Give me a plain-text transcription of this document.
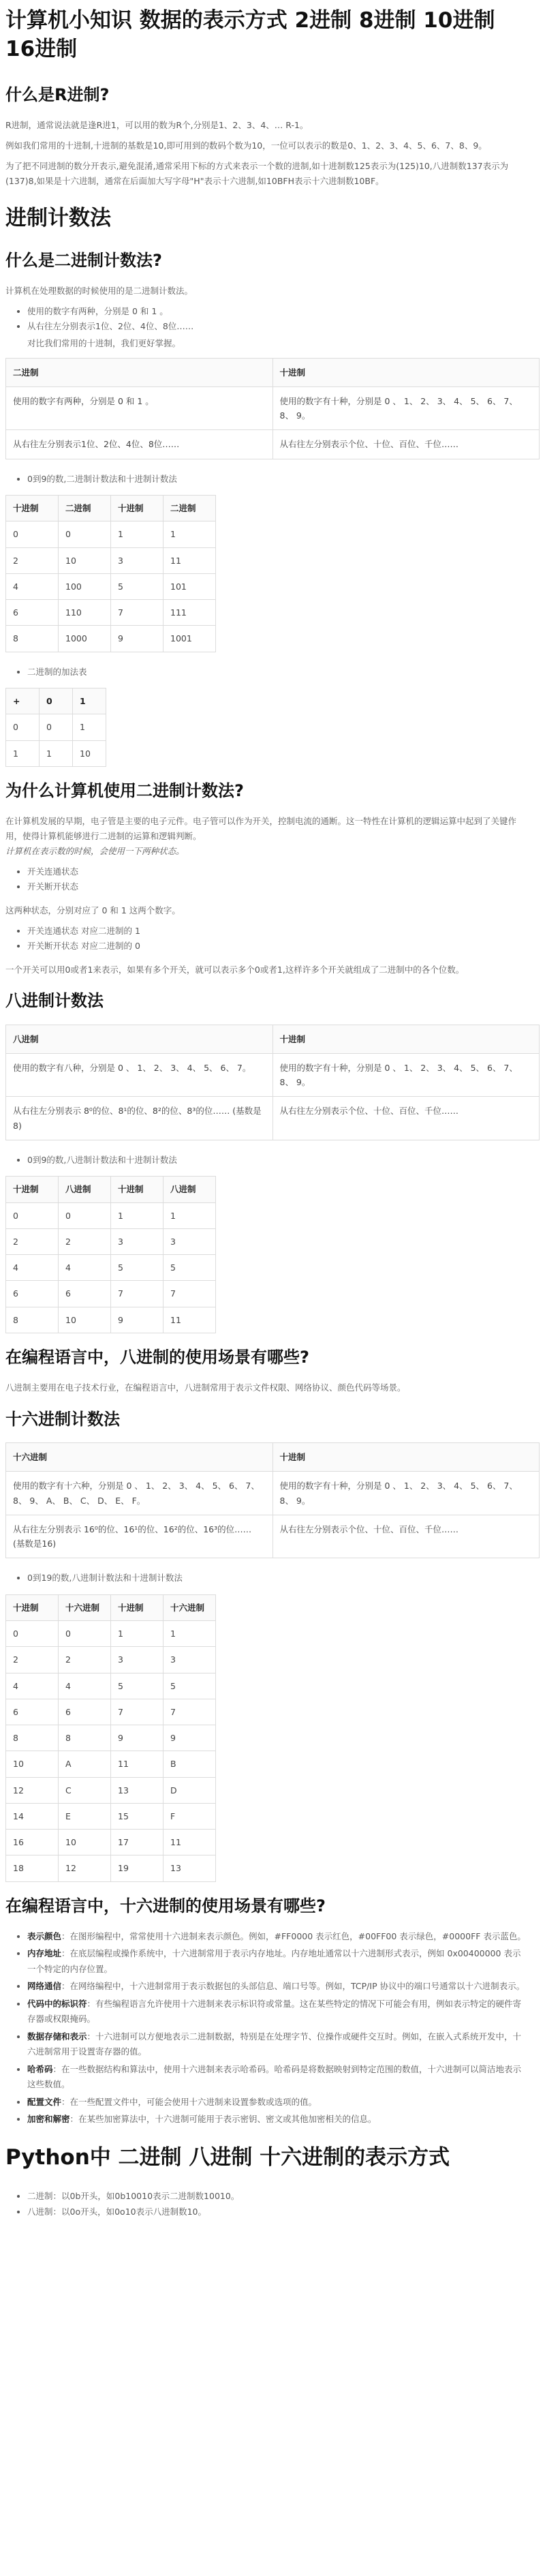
计算机小知识 数据的表示方式 2进制 8进制 10进制 16进制
什么是R进制?

R进制，通常说法就是逢R进1，可以用的数为R个,分别是1、2、3、4、… R-1。

例如我们常用的十进制,十进制的基数是10,即可用到的数码个数为10，一位可以表示的数是0、1、2、3、4、5、6、7、8、9。

为了把不同进制的数分开表示,避免混淆,通常采用下标的方式来表示一个数的进制,如十进制数125表示为(125)10,八进制数137表示为(137)8,如果是十六进制，通常在后面加大写字母"H"表示十六进制,如10BFH表示十六进制数10BF。

进制计数法
什么是二进制计数法?

计算机在处理数据的时候使用的是二进制计数法。

• 使用的数字有两种，分别是 0 和 1 。
• 从右往左分别表示1位、2位、4位、8位……

对比我们常用的十进制，我们更好掌握。

二进制	十进制
使用的数字有两种，分别是 0 和 1 。	使用的数字有十种，分别是 0 、 1、 2、 3、 4、 5、 6、 7、 8、 9。
从右往左分别表示1位、2位、4位、8位……	从右往左分别表示个位、十位、百位、千位……
• 0到9的数,二进制计数法和十进制计数法
十进制	二进制	十进制	二进制
0	0	1	1
2	10	3	11
4	100	5	101
6	110	7	111
8	1000	9	1001
• 二进制的加法表
+	0	1
0	0	1
1	1	10
为什么计算机使用二进制计数法?

在计算机发展的早期，电子管是主要的电子元件。电子管可以作为开关，控制电流的通断。这一特性在计算机的逻辑运算中起到了关键作用，使得计算机能够进行二进制的运算和逻辑判断。

计算机在表示数的时候，会使用一下两种状态。

• 开关连通状态
• 开关断开状态

这两种状态，分别对应了 0 和 1 这两个数字。

• 开关连通状态 对应二进制的 1
• 开关断开状态 对应二进制的 0

一个开关可以用0或者1来表示，如果有多个开关，就可以表示多个0或者1,这样许多个开关就组成了二进制中的各个位数。

八进制计数法
八进制	十进制
使用的数字有八种，分别是 0 、 1、 2、 3、 4、 5、 6、 7。	使用的数字有十种，分别是 0 、 1、 2、 3、 4、 5、 6、 7、 8、 9。
从右往左分别表示 8⁰的位、8¹的位、8²的位、8³的位…… (基数是8)	从右往左分别表示个位、十位、百位、千位……
• 0到9的数,八进制计数法和十进制计数法
十进制	八进制	十进制	八进制
0	0	1	1
2	2	3	3
4	4	5	5
6	6	7	7
8	10	9	11
在编程语言中，八进制的使用场景有哪些?

八进制主要用在电子技术行业，在编程语言中，八进制常用于表示文件权限、网络协议、颜色代码等场景。

十六进制计数法
十六进制	十进制
使用的数字有十六种，分别是 0 、 1、 2、 3、 4、 5、 6、 7、 8、 9、 A、 B、 C、 D、 E、 F。	使用的数字有十种，分别是 0 、 1、 2、 3、 4、 5、 6、 7、 8、 9。
从右往左分别表示 16⁰的位、16¹的位、16²的位、16³的位…… (基数是16)	从右往左分别表示个位、十位、百位、千位……
• 0到19的数,八进制计数法和十进制计数法
十进制	十六进制	十进制	十六进制
0	0	1	1
2	2	3	3
4	4	5	5
6	6	7	7
8	8	9	9
10	A	11	B
12	C	13	D
14	E	15	F
16	10	17	11
18	12	19	13
在编程语言中，十六进制的使用场景有哪些?
• 表示颜色：在图形编程中，常常使用十六进制来表示颜色。例如，#FF0000 表示红色，#00FF00 表示绿色，#0000FF 表示蓝色。
• 内存地址：在底层编程或操作系统中，十六进制常用于表示内存地址。内存地址通常以十六进制形式表示，例如 0x00400000 表示一个特定的内存位置。
• 网络通信：在网络编程中，十六进制常用于表示数据包的头部信息、端口号等。例如，TCP/IP 协议中的端口号通常以十六进制表示。
• 代码中的标识符：有些编程语言允许使用十六进制来表示标识符或常量。这在某些特定的情况下可能会有用，例如表示特定的硬件寄存器或权限掩码。
• 数据存储和表示：十六进制可以方便地表示二进制数据，特别是在处理字节、位操作或硬件交互时。例如，在嵌入式系统开发中，十六进制常用于设置寄存器的值。
• 哈希码：在一些数据结构和算法中，使用十六进制来表示哈希码。哈希码是将数据映射到特定范围的数值，十六进制可以简洁地表示这些数值。
• 配置文件：在一些配置文件中，可能会使用十六进制来设置参数或选项的值。
• 加密和解密：在某些加密算法中，十六进制可能用于表示密钥、密文或其他加密相关的信息。
Python中 二进制 八进制 十六进制的表示方式
• 二进制：以0b开头，如0b10010表示二进制数10010。
• 八进制：以0o开头，如0o10表示八进制数10。
